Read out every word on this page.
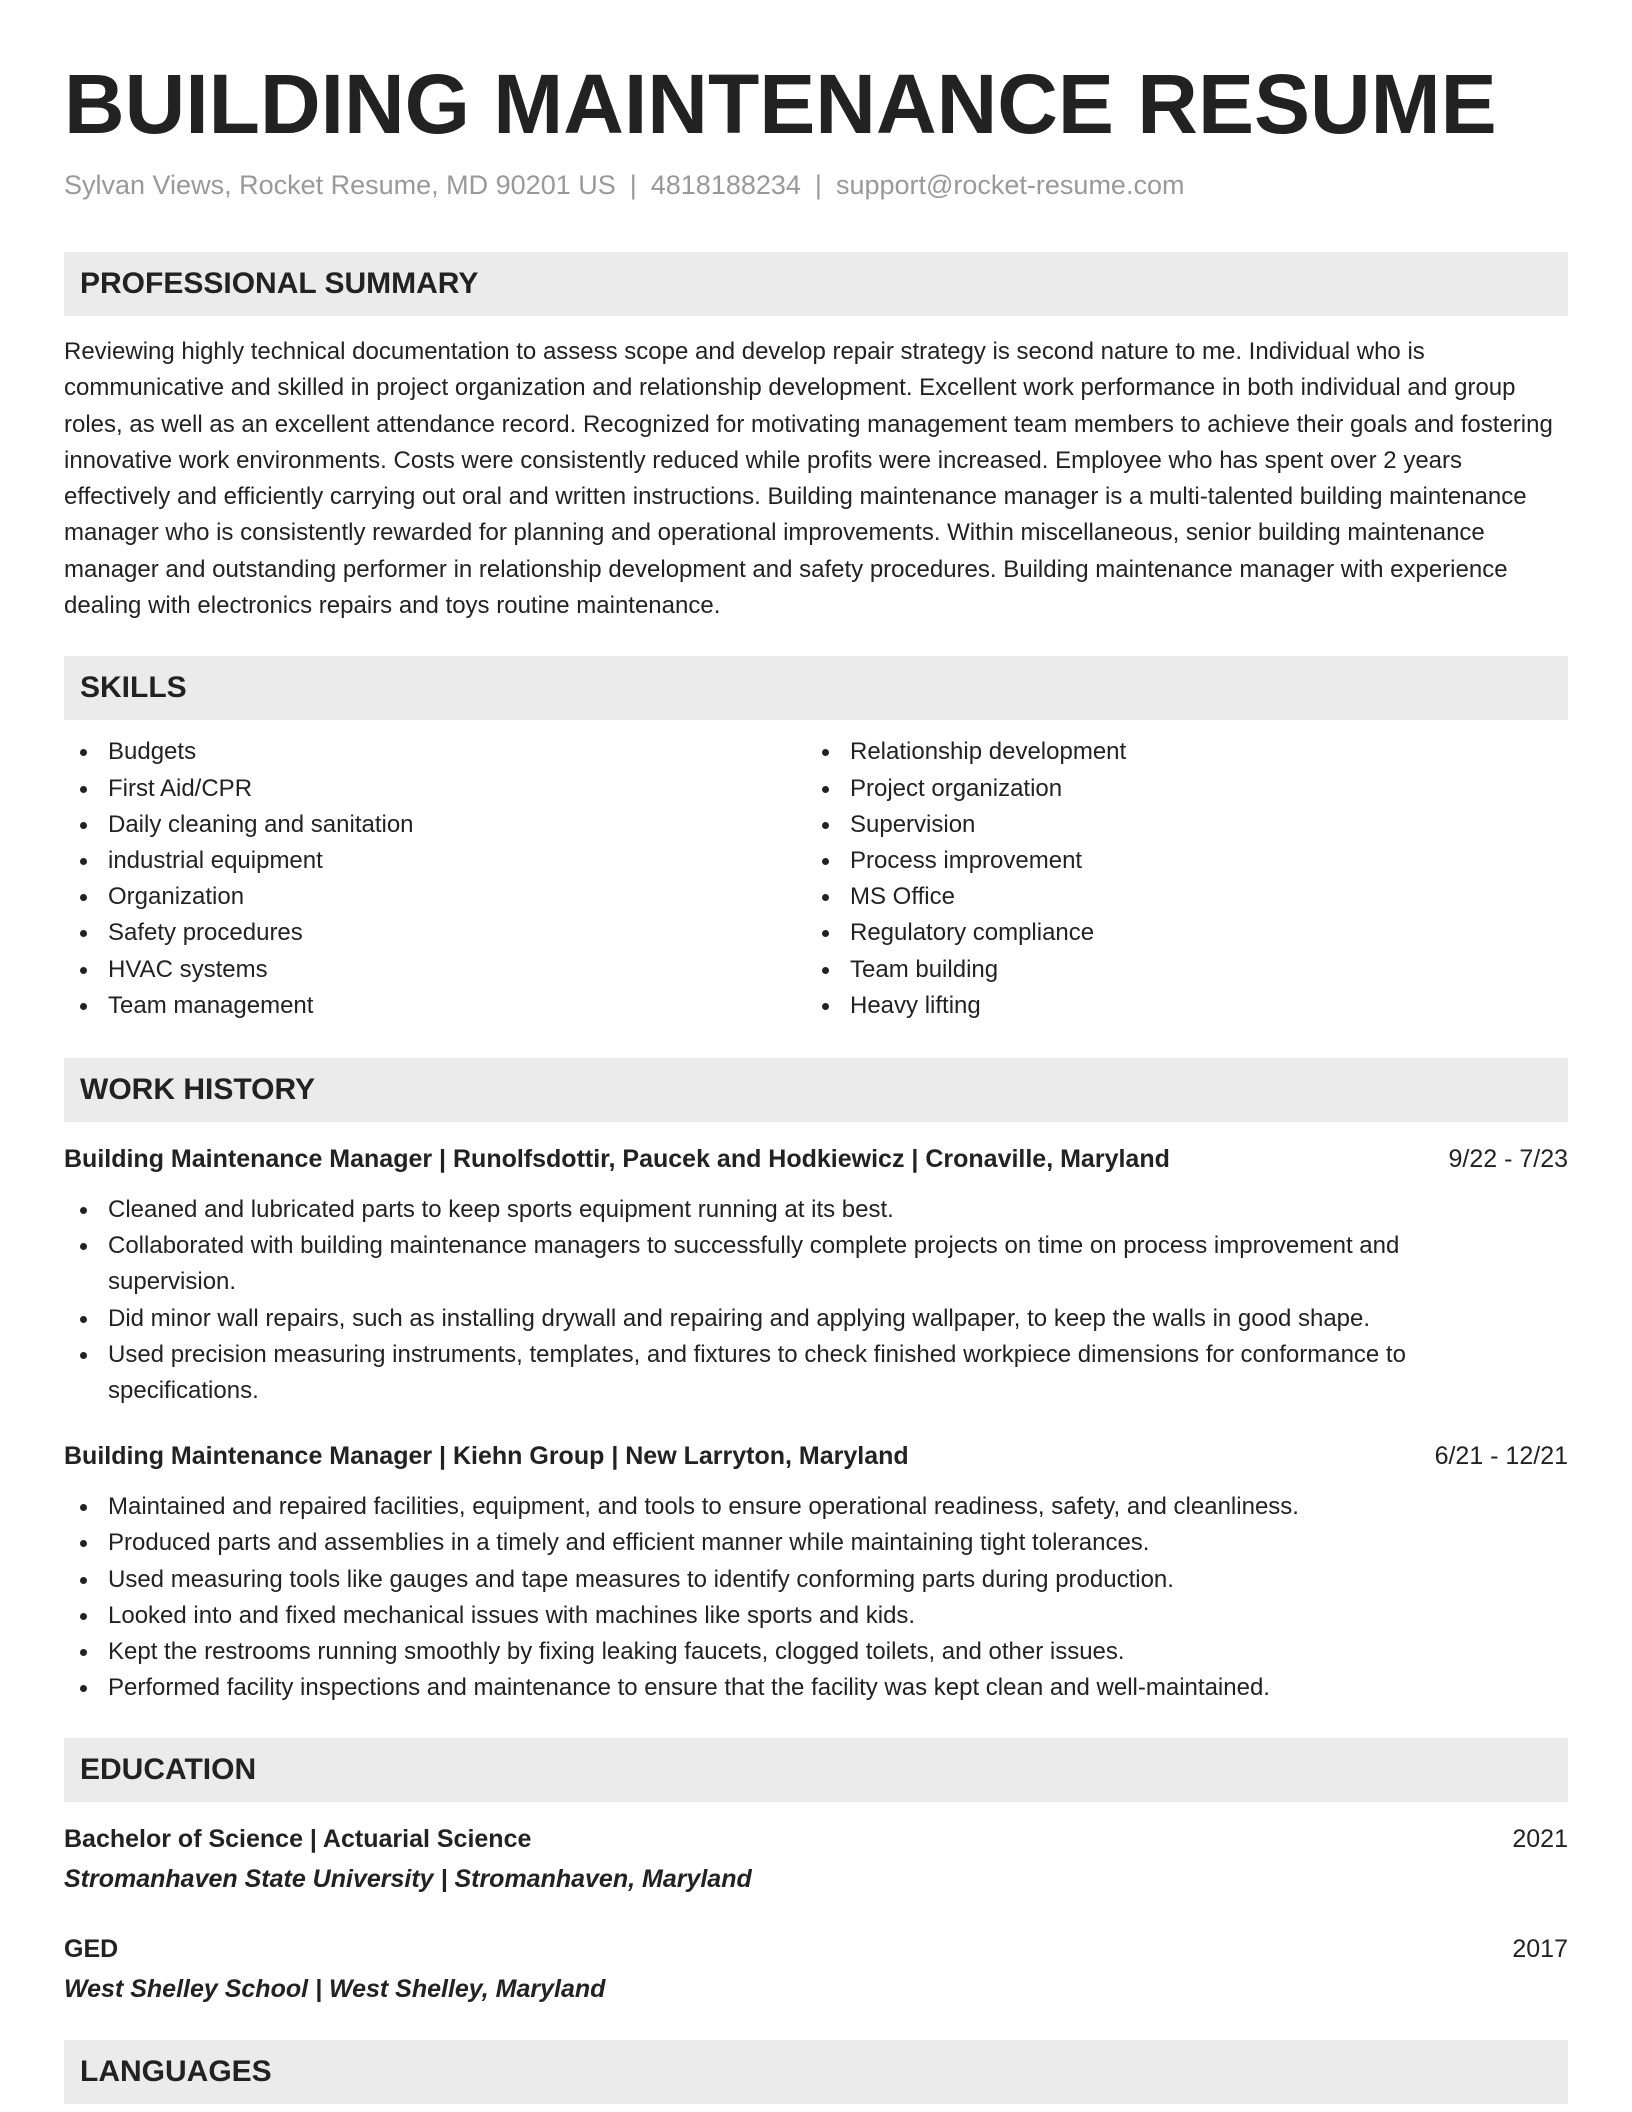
BUILDING MAINTENANCE RESUME
Sylvan Views, Rocket Resume, MD 90201 US | 4818188234 | support@rocket-resume.com
PROFESSIONAL SUMMARY

Reviewing highly technical documentation to assess scope and develop repair strategy is second nature to me. Individual who is communicative and skilled in project organization and relationship development. Excellent work performance in both individual and group roles, as well as an excellent attendance record. Recognized for motivating management team members to achieve their goals and fostering innovative work environments. Costs were consistently reduced while profits were increased. Employee who has spent over 2 years effectively and efficiently carrying out oral and written instructions. Building maintenance manager is a multi-talented building maintenance manager who is consistently rewarded for planning and operational improvements. Within miscellaneous, senior building maintenance manager and outstanding performer in relationship development and safety procedures. Building maintenance manager with experience dealing with electronics repairs and toys routine maintenance.

SKILLS
Budgets
First Aid/CPR
Daily cleaning and sanitation
industrial equipment
Organization
Safety procedures
HVAC systems
Team management
Relationship development
Project organization
Supervision
Process improvement
MS Office
Regulatory compliance
Team building
Heavy lifting
WORK HISTORY
Building Maintenance Manager | Runolfsdottir, Paucek and Hodkiewicz | Cronaville, Maryland	9/22 - 7/23
Cleaned and lubricated parts to keep sports equipment running at its best.
Collaborated with building maintenance managers to successfully complete projects on time on process improvement and supervision.
Did minor wall repairs, such as installing drywall and repairing and applying wallpaper, to keep the walls in good shape.
Used precision measuring instruments, templates, and fixtures to check finished workpiece dimensions for conformance to specifications.
Building Maintenance Manager | Kiehn Group | New Larryton, Maryland	6/21 - 12/21
Maintained and repaired facilities, equipment, and tools to ensure operational readiness, safety, and cleanliness.
Produced parts and assemblies in a timely and efficient manner while maintaining tight tolerances.
Used measuring tools like gauges and tape measures to identify conforming parts during production.
Looked into and fixed mechanical issues with machines like sports and kids.
Kept the restrooms running smoothly by fixing leaking faucets, clogged toilets, and other issues.
Performed facility inspections and maintenance to ensure that the facility was kept clean and well-maintained.
EDUCATION
Bachelor of Science | Actuarial Science	2021
Stromanhaven State University | Stromanhaven, Maryland
GED	2017
West Shelley School | West Shelley, Maryland
LANGUAGES
